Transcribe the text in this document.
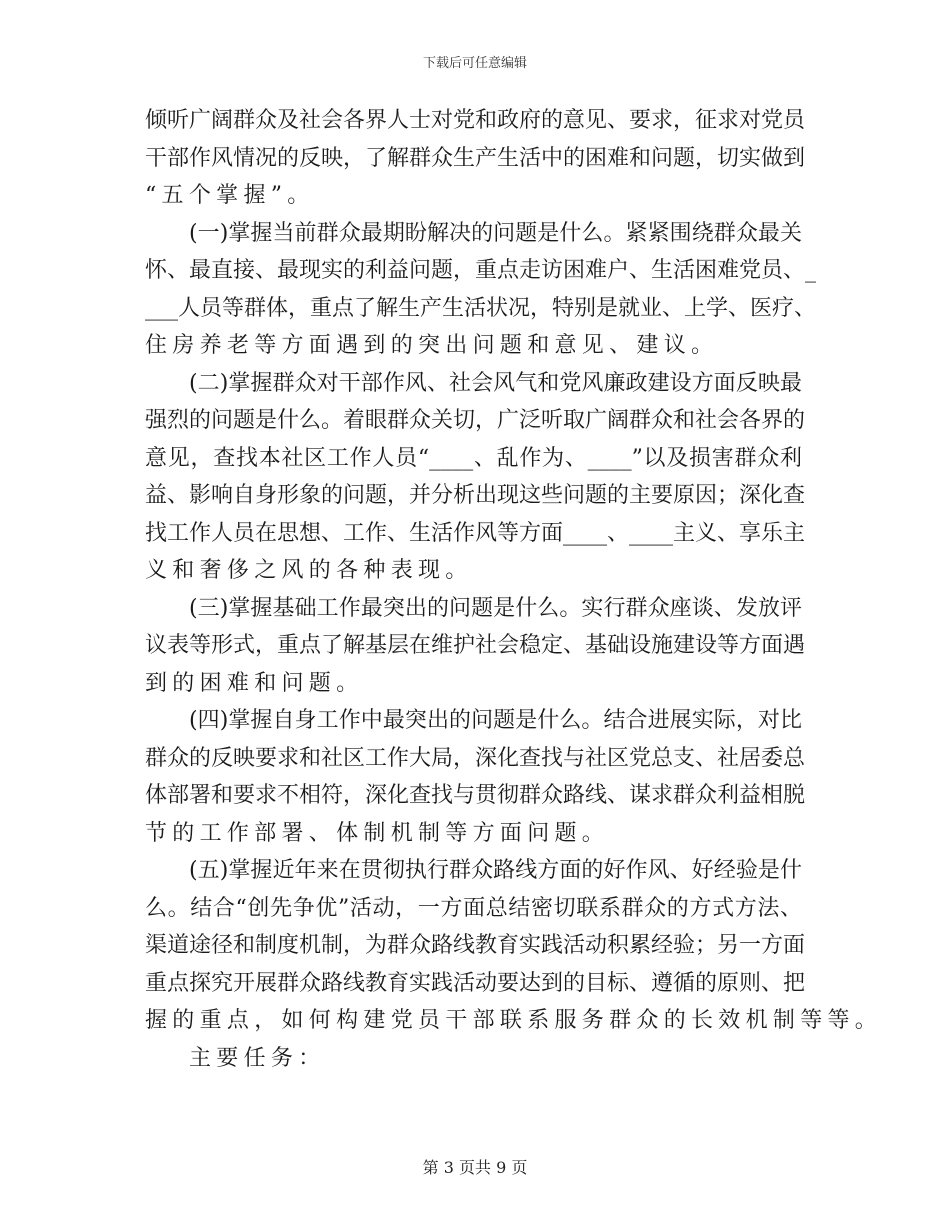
下载后可任意编辑
倾听广阔群众及社会各界人士对党和政府的意见、要求，征求对党员
干部作风情况的反映，了解群众生产生活中的困难和问题，切实做到
“五个掌握”。
(一)掌握当前群众最期盼解决的问题是什么。紧紧围绕群众最关
怀、最直接、最现实的利益问题，重点走访困难户、生活困难党员、_
___人员等群体，重点了解生产生活状况，特别是就业、上学、医疗、
住房养老等方面遇到的突出问题和意见、建议。
(二)掌握群众对干部作风、社会风气和党风廉政建设方面反映最
强烈的问题是什么。着眼群众关切，广泛听取广阔群众和社会各界的
意见，查找本社区工作人员“____、乱作为、____”以及损害群众利
益、影响自身形象的问题，并分析出现这些问题的主要原因；深化查
找工作人员在思想、工作、生活作风等方面____、____主义、享乐主
义和奢侈之风的各种表现。
(三)掌握基础工作最突出的问题是什么。实行群众座谈、发放评
议表等形式，重点了解基层在维护社会稳定、基础设施建设等方面遇
到的困难和问题。
(四)掌握自身工作中最突出的问题是什么。结合进展实际，对比
群众的反映要求和社区工作大局，深化查找与社区党总支、社居委总
体部署和要求不相符，深化查找与贯彻群众路线、谋求群众利益相脱
节的工作部署、体制机制等方面问题。
(五)掌握近年来在贯彻执行群众路线方面的好作风、好经验是什
么。结合“创先争优”活动，一方面总结密切联系群众的方式方法、
渠道途径和制度机制，为群众路线教育实践活动积累经验；另一方面
重点探究开展群众路线教育实践活动要达到的目标、遵循的原则、把
握的重点，如何构建党员干部联系服务群众的长效机制等等。
主要任务：
第 3 页共 9 页
